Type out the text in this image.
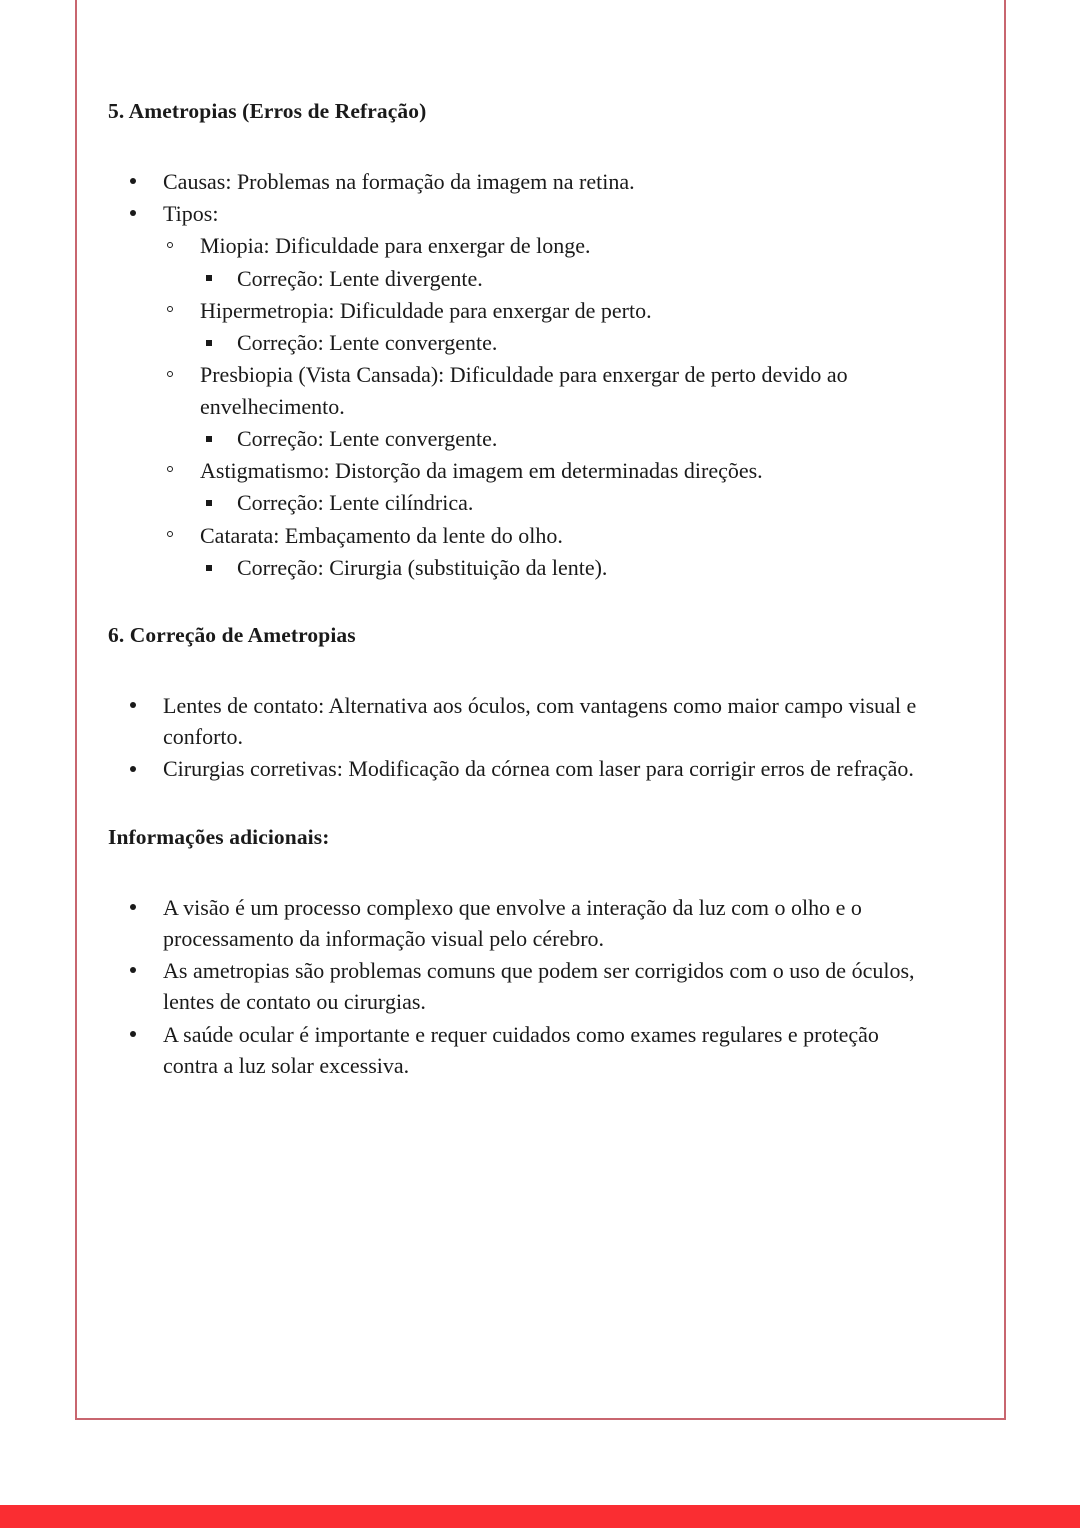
5. Ametropias (Erros de Refração)
Causas: Problemas na formação da imagem na retina.
Tipos:
Miopia: Dificuldade para enxergar de longe.
Correção: Lente divergente.
Hipermetropia: Dificuldade para enxergar de perto.
Correção: Lente convergente.
Presbiopia (Vista Cansada): Dificuldade para enxergar de perto devido ao envelhecimento.
Correção: Lente convergente.
Astigmatismo: Distorção da imagem em determinadas direções.
Correção: Lente cilíndrica.
Catarata: Embaçamento da lente do olho.
Correção: Cirurgia (substituição da lente).
6. Correção de Ametropias
Lentes de contato: Alternativa aos óculos, com vantagens como maior campo visual e conforto.
Cirurgias corretivas: Modificação da córnea com laser para corrigir erros de refração.
Informações adicionais:
A visão é um processo complexo que envolve a interação da luz com o olho e o processamento da informação visual pelo cérebro.
As ametropias são problemas comuns que podem ser corrigidos com o uso de óculos, lentes de contato ou cirurgias.
A saúde ocular é importante e requer cuidados como exames regulares e proteção contra a luz solar excessiva.
